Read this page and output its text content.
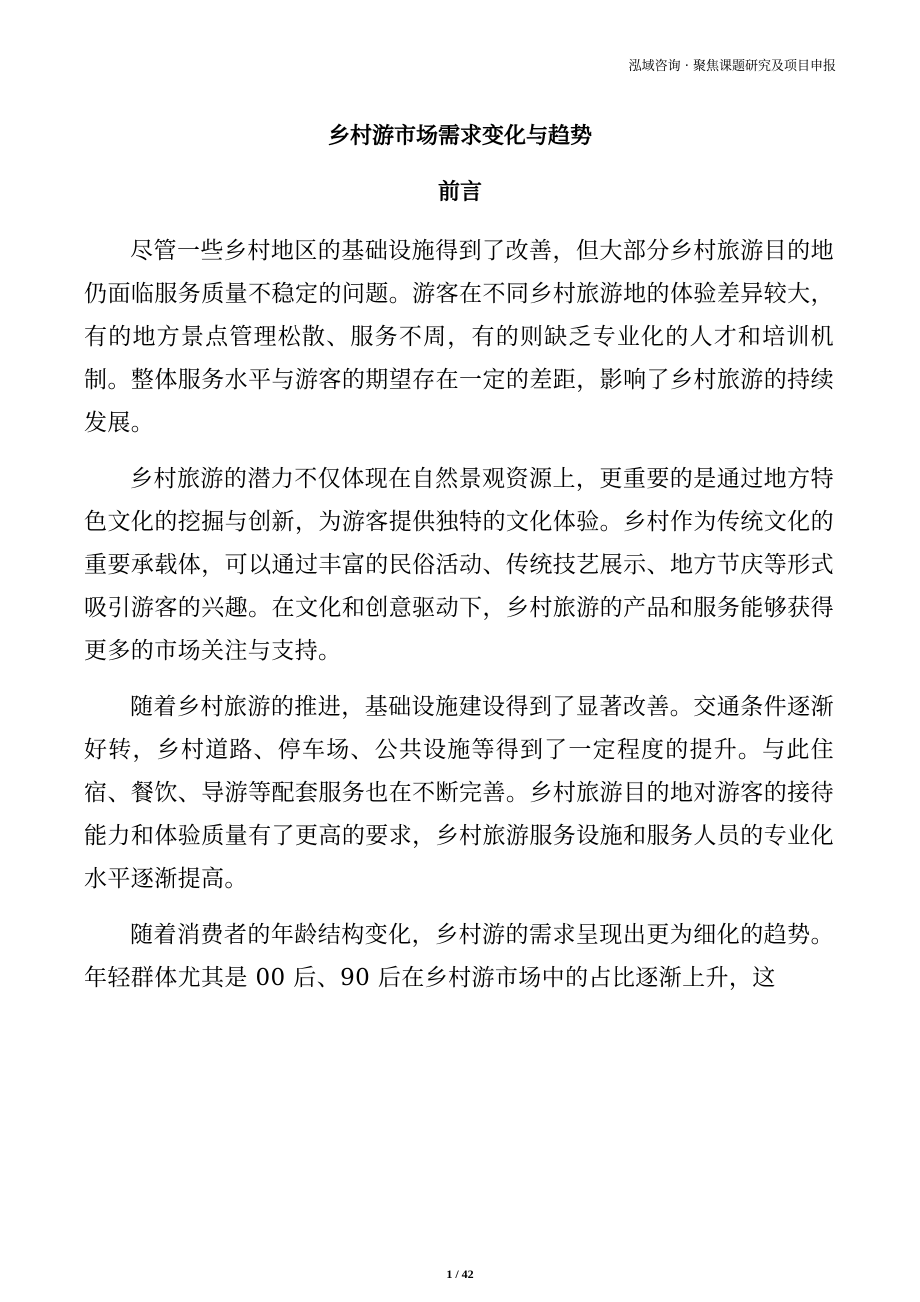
泓域咨询 · 聚焦课题研究及项目申报
乡村游市场需求变化与趋势
前言

尽管一些乡村地区的基础设施得到了改善，但大部分乡村旅游目的地仍面临服务质量不稳定的问题。游客在不同乡村旅游地的体验差异较大，有的地方景点管理松散、服务不周，有的则缺乏专业化的人才和培训机制。整体服务水平与游客的期望存在一定的差距，影响了乡村旅游的持续发展。

乡村旅游的潜力不仅体现在自然景观资源上，更重要的是通过地方特色文化的挖掘与创新，为游客提供独特的文化体验。乡村作为传统文化的重要承载体，可以通过丰富的民俗活动、传统技艺展示、地方节庆等形式吸引游客的兴趣。在文化和创意驱动下，乡村旅游的产品和服务能够获得更多的市场关注与支持。

随着乡村旅游的推进，基础设施建设得到了显著改善。交通条件逐渐好转，乡村道路、停车场、公共设施等得到了一定程度的提升。与此住宿、餐饮、导游等配套服务也在不断完善。乡村旅游目的地对游客的接待能力和体验质量有了更高的要求，乡村旅游服务设施和服务人员的专业化水平逐渐提高。

随着消费者的年龄结构变化，乡村游的需求呈现出更为细化的趋势。年轻群体尤其是 00 后、90 后在乡村游市场中的占比逐渐上升，这

1 / 42
